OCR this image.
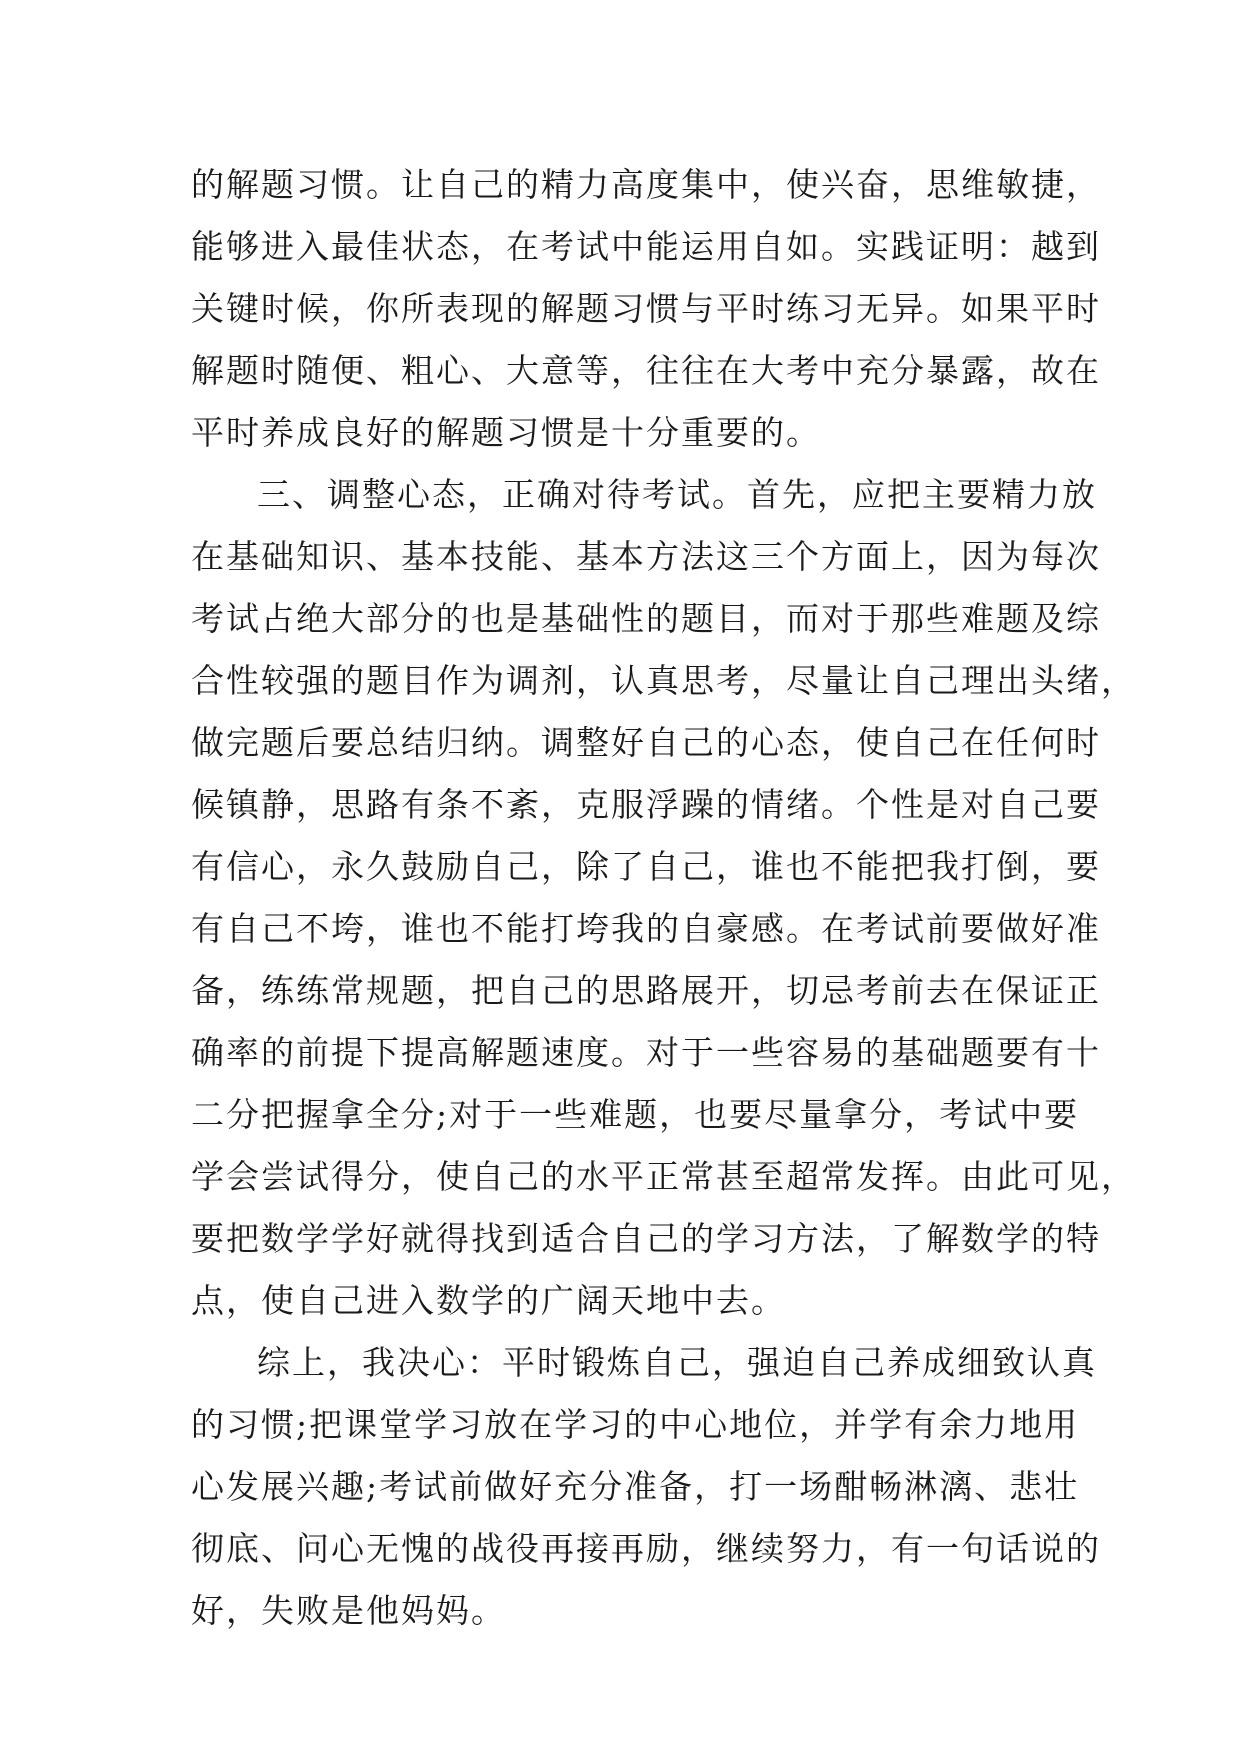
的解题习惯。让自己的精力高度集中，使兴奋，思维敏捷，
能够进入最佳状态，在考试中能运用自如。实践证明：越到
关键时候，你所表现的解题习惯与平时练习无异。如果平时
解题时随便、粗心、大意等，往往在大考中充分暴露，故在
平时养成良好的解题习惯是十分重要的。
三、调整心态，正确对待考试。首先，应把主要精力放
在基础知识、基本技能、基本方法这三个方面上，因为每次
考试占绝大部分的也是基础性的题目，而对于那些难题及综
合性较强的题目作为调剂，认真思考，尽量让自己理出头绪，
做完题后要总结归纳。调整好自己的心态，使自己在任何时
候镇静，思路有条不紊，克服浮躁的情绪。个性是对自己要
有信心，永久鼓励自己，除了自己，谁也不能把我打倒，要
有自己不垮，谁也不能打垮我的自豪感。在考试前要做好准
备，练练常规题，把自己的思路展开，切忌考前去在保证正
确率的前提下提高解题速度。对于一些容易的基础题要有十
二分把握拿全分;对于一些难题，也要尽量拿分，考试中要
学会尝试得分，使自己的水平正常甚至超常发挥。由此可见，
要把数学学好就得找到适合自己的学习方法，了解数学的特
点，使自己进入数学的广阔天地中去。
综上，我决心：平时锻炼自己，强迫自己养成细致认真
的习惯;把课堂学习放在学习的中心地位，并学有余力地用
心发展兴趣;考试前做好充分准备，打一场酣畅淋漓、悲壮
彻底、问心无愧的战役再接再励，继续努力，有一句话说的
好，失败是他妈妈。
